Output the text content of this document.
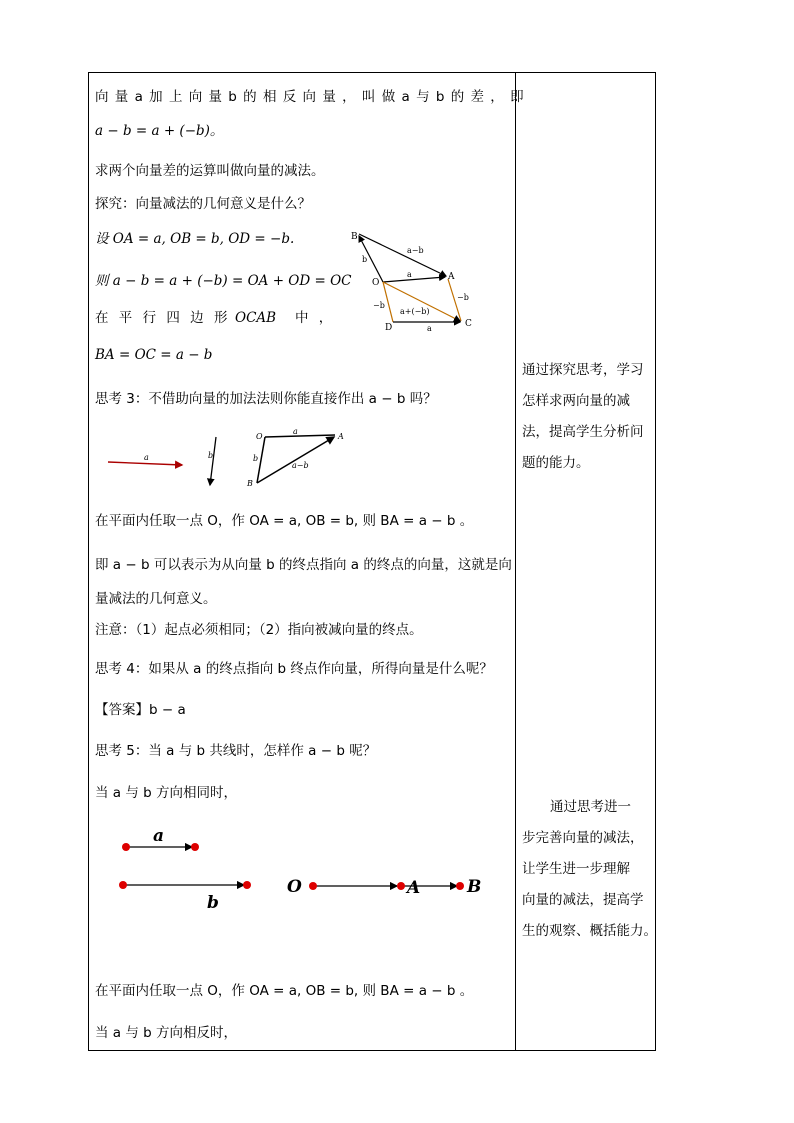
向 量 a 加 上 向 量 b 的 相 反 向 量 ， 叫 做 a 与 b 的 差 ， 即
a − b = a + (−b)。
求两个向量差的运算叫做向量的减法。
探究：向量减法的几何意义是什么？
设 OA = a, OB = b, OD = −b.
则 a − b = a + (−b) = OA + OD = OC
在 平 行 四 边 形 OCAB 中 ，
BA = OC = a − b
B
A
O
D	C
a−b
b
a
−b
−b
a+(−b)
a
思考 3：不借助向量的加法法则你能直接作出 a − b 吗？
a	b
O	A
B
a
b
a−b
在平面内任取一点 O，作 OA = a, OB = b, 则 BA = a − b 。
即 a − b 可以表示为从向量 b 的终点指向 a 的终点的向量，这就是向
量减法的几何意义。
注意：（1）起点必须相同；（2）指向被减向量的终点。
思考 4：如果从 a 的终点指向 b 终点作向量，所得向量是什么呢？
【答案】b − a
思考 5：当 a 与 b 共线时，怎样作 a − b 呢？
当 a 与 b 方向相同时，
a
b
O	A	B
在平面内任取一点 O，作 OA = a, OB = b, 则 BA = a − b 。
当 a 与 b 方向相反时，
通过探究思考，学习
怎样求两向量的减
法，提高学生分析问
题的能力。
通过思考进一
步完善向量的减法，
让学生进一步理解
向量的减法，提高学
生的观察、概括能力。
